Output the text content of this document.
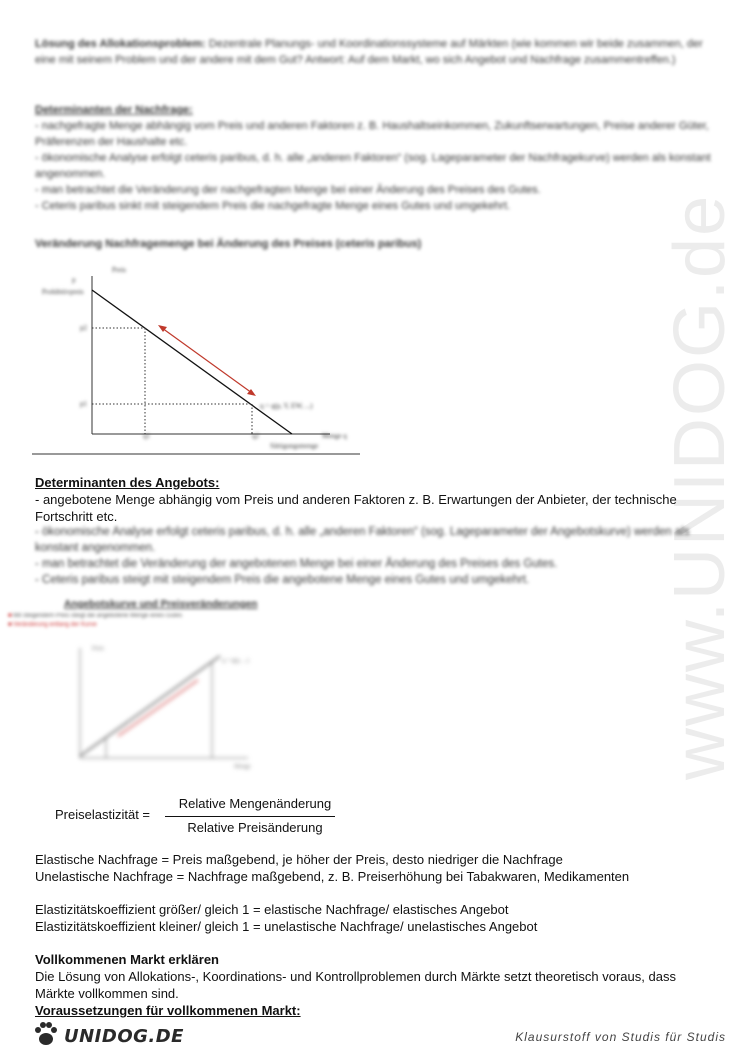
www.UNIDOG.de
Lösung des Allokationsproblem: Dezentrale Planungs- und Koordinationssysteme auf Märkten (wie kommen wir beide zusammen, der eine mit seinem Problem und der andere mit dem Gut? Antwort: Auf dem Markt, wo sich Angebot und Nachfrage zusammentreffen.)
Determinanten der Nachfrage:
- nachgefragte Menge abhängig vom Preis und anderen Faktoren z. B. Haushaltseinkommen, Zukunftserwartungen, Preise anderer Güter, Präferenzen der Haushalte etc.
- ökonomische Analyse erfolgt ceteris paribus, d. h. alle „anderen Faktoren“ (sog. Lageparameter der Nachfragekurve) werden als konstant angenommen.
- man betrachtet die Veränderung der nachgefragten Menge bei einer Änderung des Preises des Gutes.
- Ceteris paribus sinkt mit steigendem Preis die nachgefragte Menge eines Gutes und umgekehrt.
Veränderung Nachfragemenge bei Änderung des Preises (ceteris paribus)
Preis
p
Prohibitivpreis
p2
p1
q1	q2	Menge q
Sättigungsmenge
q = q(p, Y, EW, ...)
Determinanten des Angebots:
- angebotene Menge abhängig vom Preis und anderen Faktoren z. B. Erwartungen der Anbieter, der technische Fortschritt etc.
- ökonomische Analyse erfolgt ceteris paribus, d. h. alle „anderen Faktoren“ (sog. Lageparameter der Angebotskurve) werden als konstant angenommen.
- man betrachtet die Veränderung der angebotenen Menge bei einer Änderung des Preises des Gutes.
- Ceteris paribus steigt mit steigendem Preis die angebotene Menge eines Gutes und umgekehrt.
Angebotskurve und Preisveränderungen
■ Mit steigendem Preis steigt die angebotene Menge eines Gutes
■ Veränderung entlang der Kurve
Preis
Menge
q = q(p, ...)
Preiselastizität =
Relative Mengenänderung
Relative Preisänderung
Elastische Nachfrage = Preis maßgebend, je höher der Preis, desto niedriger die Nachfrage
Unelastische Nachfrage = Nachfrage maßgebend, z. B. Preiserhöhung bei Tabakwaren, Medikamenten
Elastizitätskoeffizient größer/ gleich 1 = elastische Nachfrage/ elastisches Angebot
Elastizitätskoeffizient kleiner/ gleich 1 = unelastische Nachfrage/ unelastisches Angebot
Vollkommenen Markt erklären
Die Lösung von Allokations-, Koordinations- und Kontrollproblemen durch Märkte setzt theoretisch voraus, dass Märkte vollkommen sind.
Voraussetzungen für vollkommenen Markt:
UNIDOG.DE	Klausurstoff von Studis für Studis
